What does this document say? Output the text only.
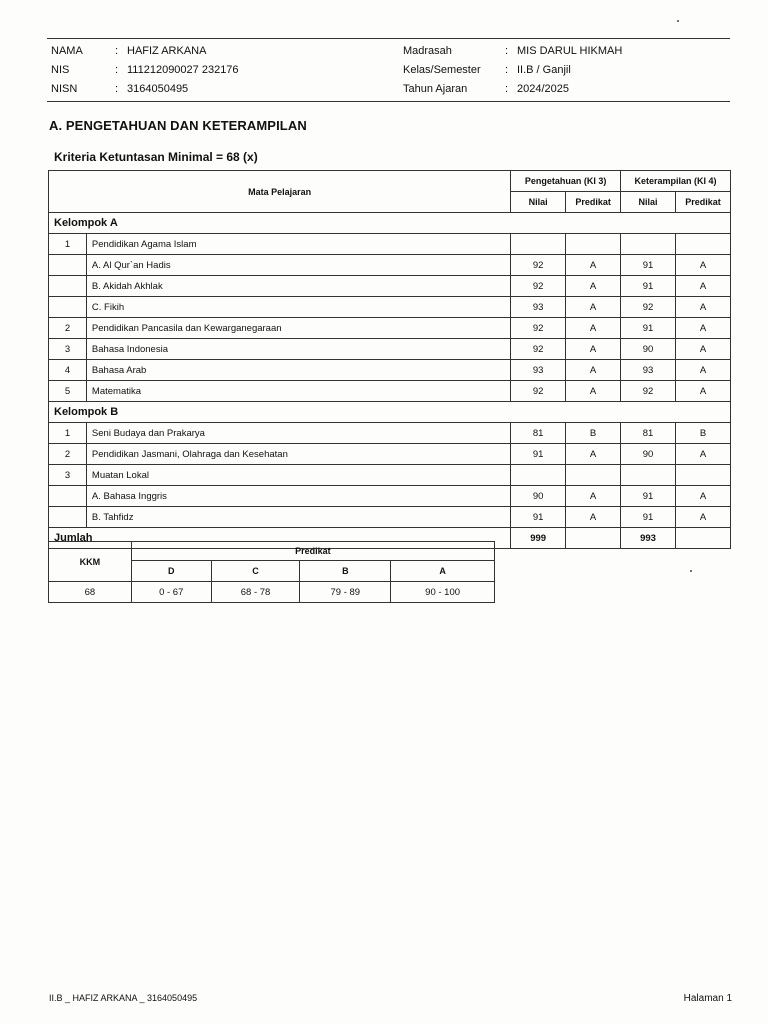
NAMA	: HAFIZ ARKANA
NIS	: 111212090027 232176
NISN	: 3164050495
Madrasah	: MIS DARUL HIKMAH
Kelas/Semester : II.B / Ganjil
Tahun Ajaran	: 2024/2025
A. PENGETAHUAN DAN KETERAMPILAN
Kriteria Ketuntasan Minimal = 68 (x)
Mata Pelajaran		Pengetahuan (KI 3)		Keterampilan (KI 4)	
		Nilai	Predikat	Nilai	Predikat
Kelompok A					
1	Pendidikan Agama Islam				
	A. Al Qur`an Hadis	92	A	91	A
	B. Akidah Akhlak	92	A	91	A
	C. Fikih	93	A	92	A
2	Pendidikan Pancasila dan Kewarganegaraan	92	A	91	A
3	Bahasa Indonesia	92	A	90	A
4	Bahasa Arab	93	A	93	A
5	Matematika	92	A	92	A
Kelompok B					
1	Seni Budaya dan Prakarya	81	B	81	B
2	Pendidikan Jasmani, Olahraga dan Kesehatan	91	A	90	A
3	Muatan Lokal				
	A. Bahasa Inggris	90	A	91	A
	B. Tahfidz	91	A	91	A
Jumlah		999		993	
KKM	Predikat			
	D	C	B	A
68	0 - 67	68 - 78	79 - 89	90 - 100
II.B _ HAFIZ ARKANA _ 3164050495	Halaman 1
